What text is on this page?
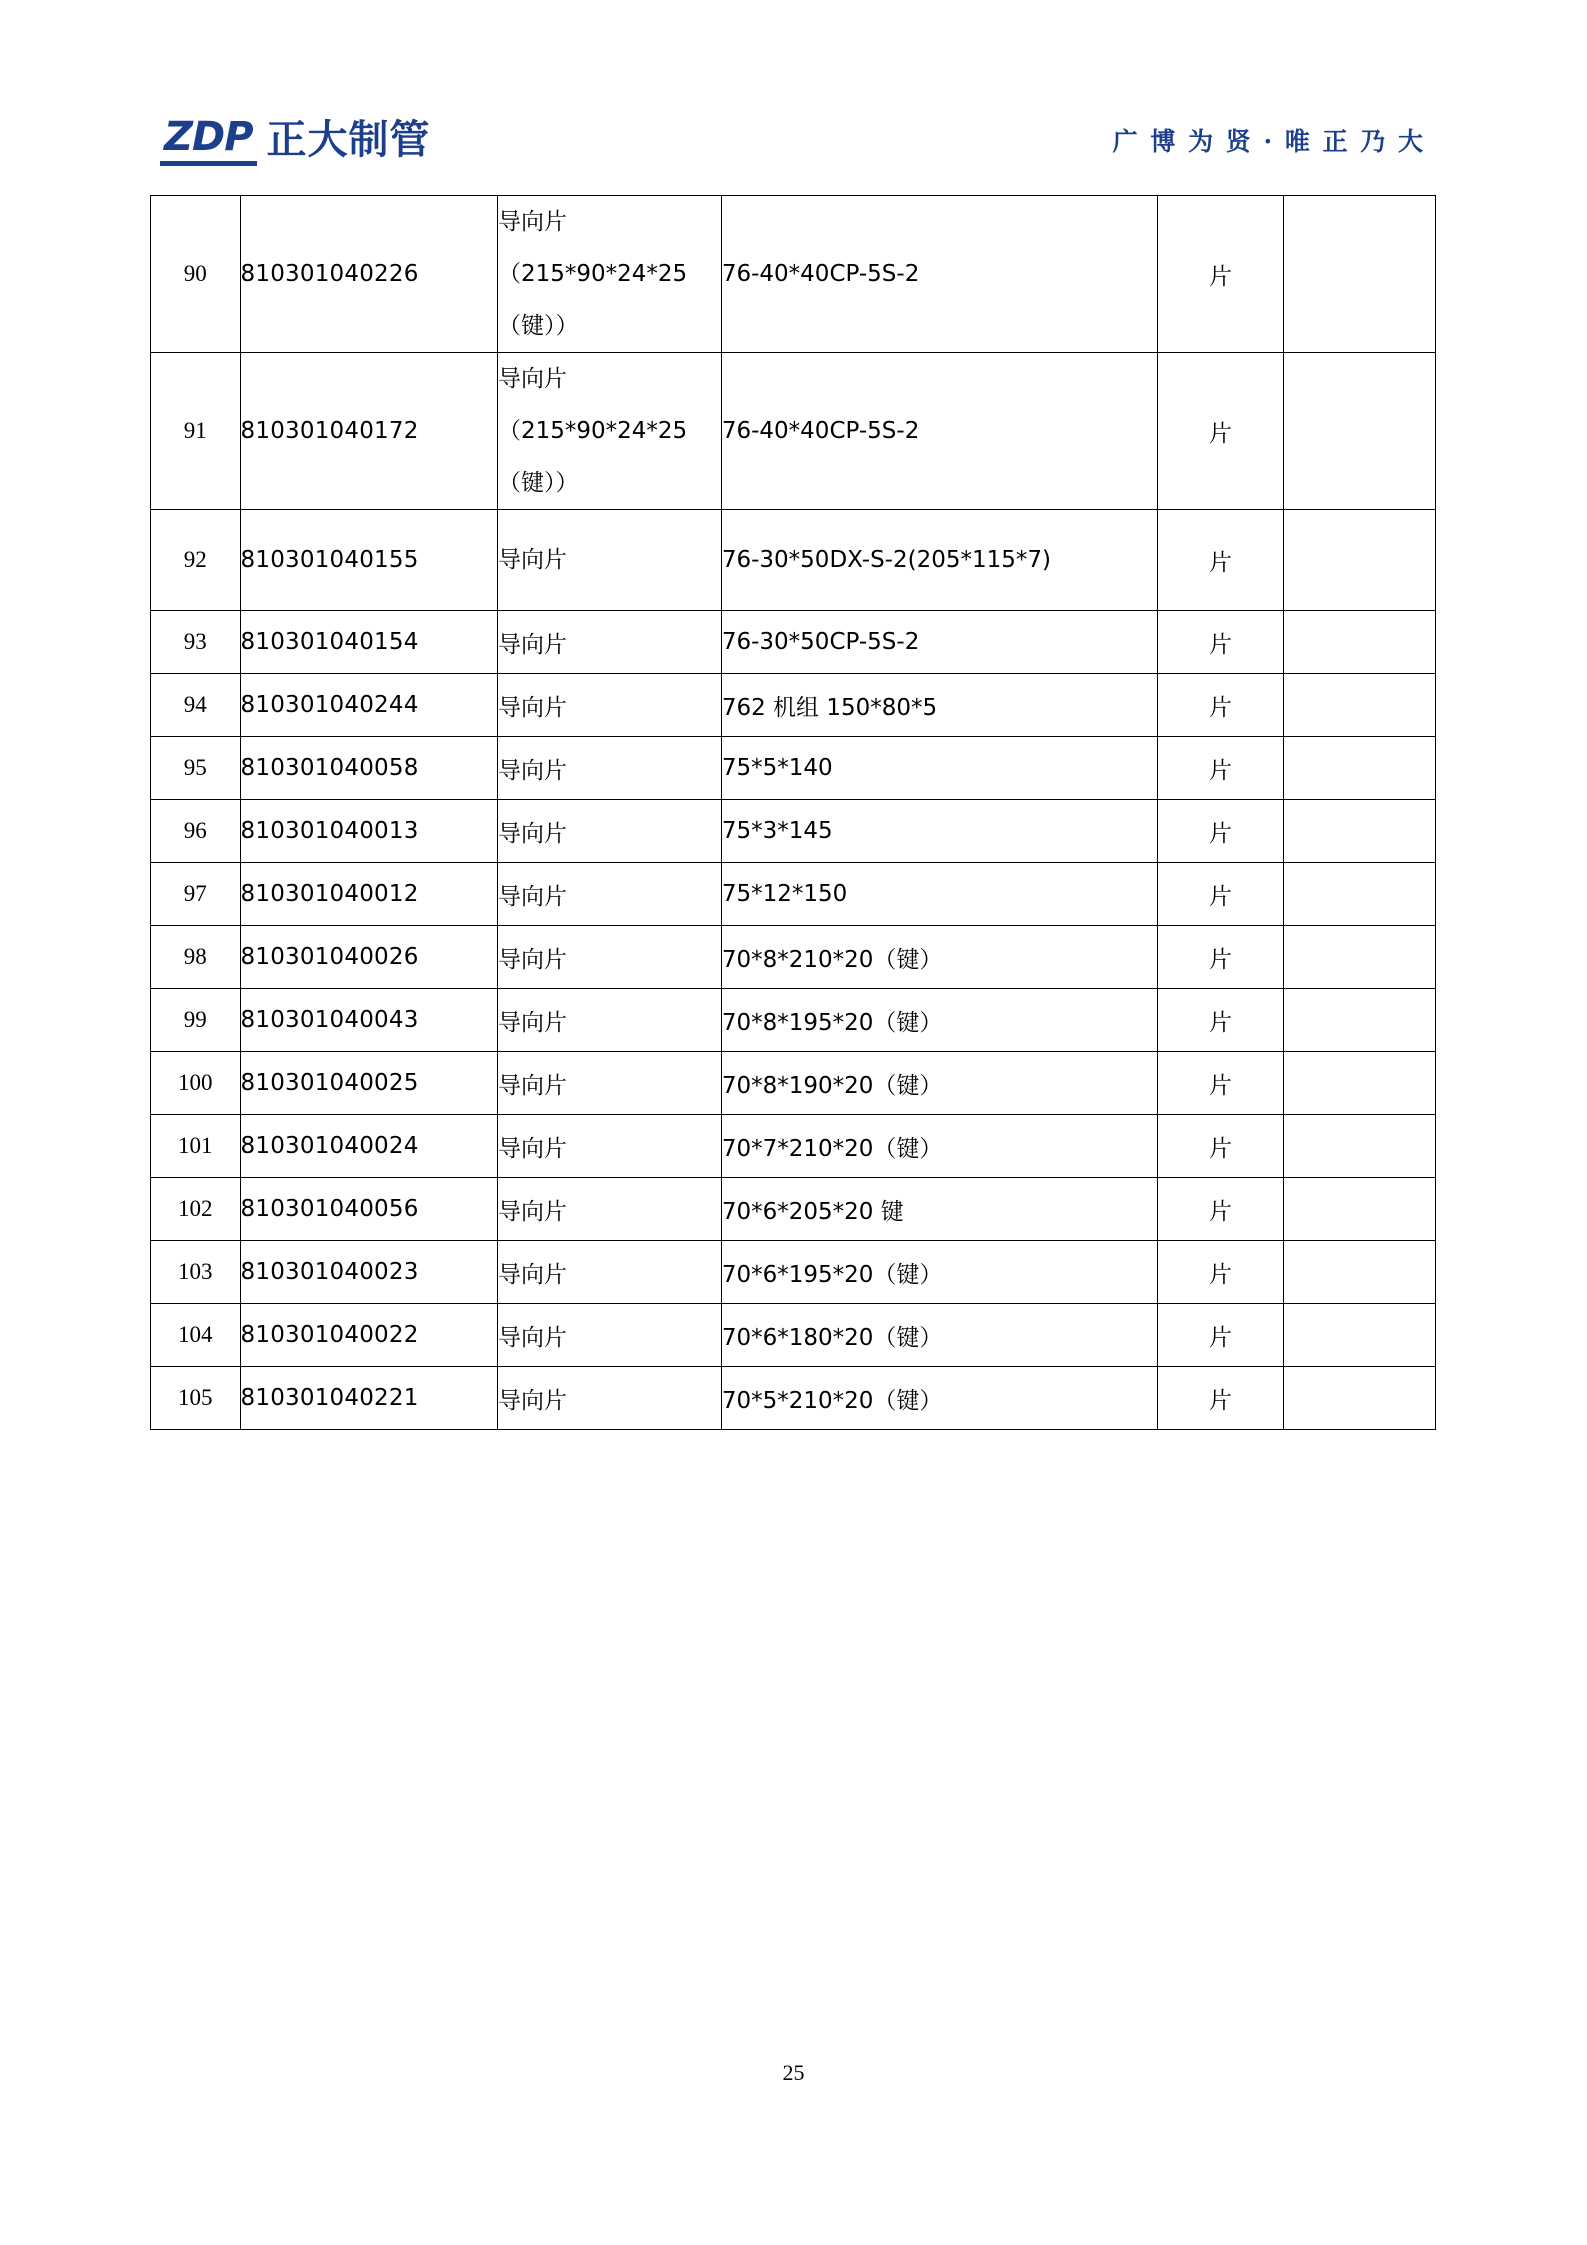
ZDP 正大制管	广 博 为 贤 · 唯 正 乃 大
90	810301040226	导向片
（215*90*24*25
（键））	76-40*40CP-5S-2	片	
91	810301040172	导向片
（215*90*24*25
（键））	76-40*40CP-5S-2	片	
92	810301040155	导向片	76-30*50DX-S-2(205*115*7)	片	
93	810301040154	导向片	76-30*50CP-5S-2	片	
94	810301040244	导向片	762 机组 150*80*5	片	
95	810301040058	导向片	75*5*140	片	
96	810301040013	导向片	75*3*145	片	
97	810301040012	导向片	75*12*150	片	
98	810301040026	导向片	70*8*210*20（键）	片	
99	810301040043	导向片	70*8*195*20（键）	片	
100	810301040025	导向片	70*8*190*20（键）	片	
101	810301040024	导向片	70*7*210*20（键）	片	
102	810301040056	导向片	70*6*205*20 键	片	
103	810301040023	导向片	70*6*195*20（键）	片	
104	810301040022	导向片	70*6*180*20（键）	片	
105	810301040221	导向片	70*5*210*20（键）	片	
25
